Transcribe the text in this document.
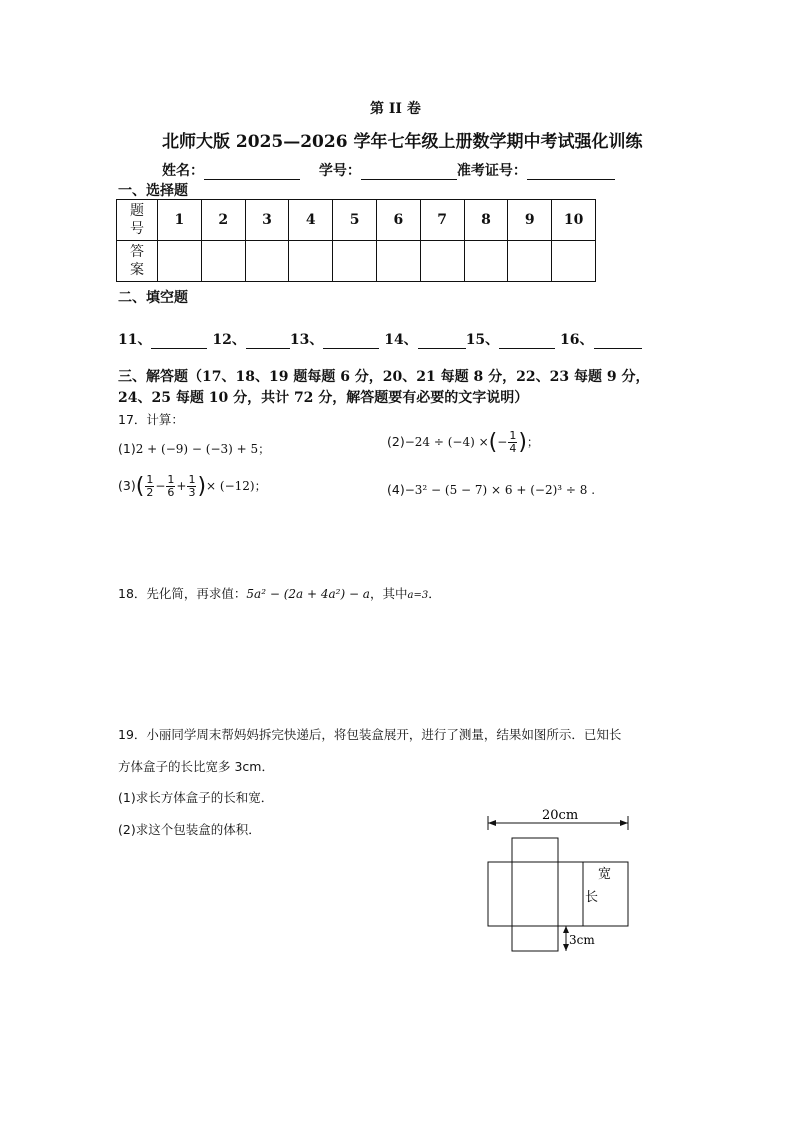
第 II 卷
北师大版 2025—2026 学年七年级上册数学期中考试强化训练
姓名：	学号：	准考证号：
一、选择题
题
号	1	2	3	4	5	6	7	8	9	10
答
案										
二、填空题
11、	12、	13、	14、	15、	16、
三、解答题（17、18、19 题每题 6 分，20、21 每题 8 分，22、23 每题 9 分，
24、25 每题 10 分，共计 72 分，解答题要有必要的文字说明）
17．计算：
(1)2 + (−9) − (−3) + 5；	(2)−24 ÷ (−4) ×(− $\frac{1}{4}$ )；
$(3)( \frac{1}{2} - \frac{1}{6} + \frac{1}{3}$ )× (−12)；	(4)−3² − (5 − 7) × 6 + (−2)³ ÷ 8 .
18．先化简，再求值：5a² − (2a + 4a²) − a，其中a=3．
19．小丽同学周末帮妈妈拆完快递后，将包装盒展开，进行了测量，结果如图所示．已知长
方体盒子的长比宽多 3cm．
(1)求长方体盒子的长和宽．
(2)求这个包装盒的体积．
20cm
宽
长
3cm
